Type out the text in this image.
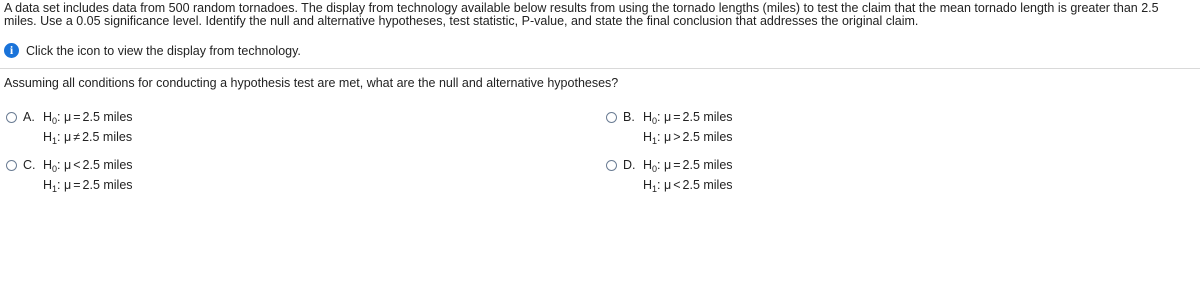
A data set includes data from 500 random tornadoes. The display from technology available below results from using the tornado lengths (miles) to test the claim that the mean tornado length is greater than 2.5 miles. Use a 0.05 significance level. Identify the null and alternative hypotheses, test statistic, P-value, and state the final conclusion that addresses the original claim.
i	Click the icon to view the display from technology.
Assuming all conditions for conducting a hypothesis test are met, what are the null and alternative hypotheses?
A. $H_0$: μ = 2.5 miles
$H_1$: μ ≠ 2.5 miles
B. $H_0$: μ = 2.5 miles
$H_1$: μ > 2.5 miles
C. $H_0$: μ < 2.5 miles
$H_1$: μ = 2.5 miles
D. $H_0$: μ = 2.5 miles
$H_1$: μ < 2.5 miles
